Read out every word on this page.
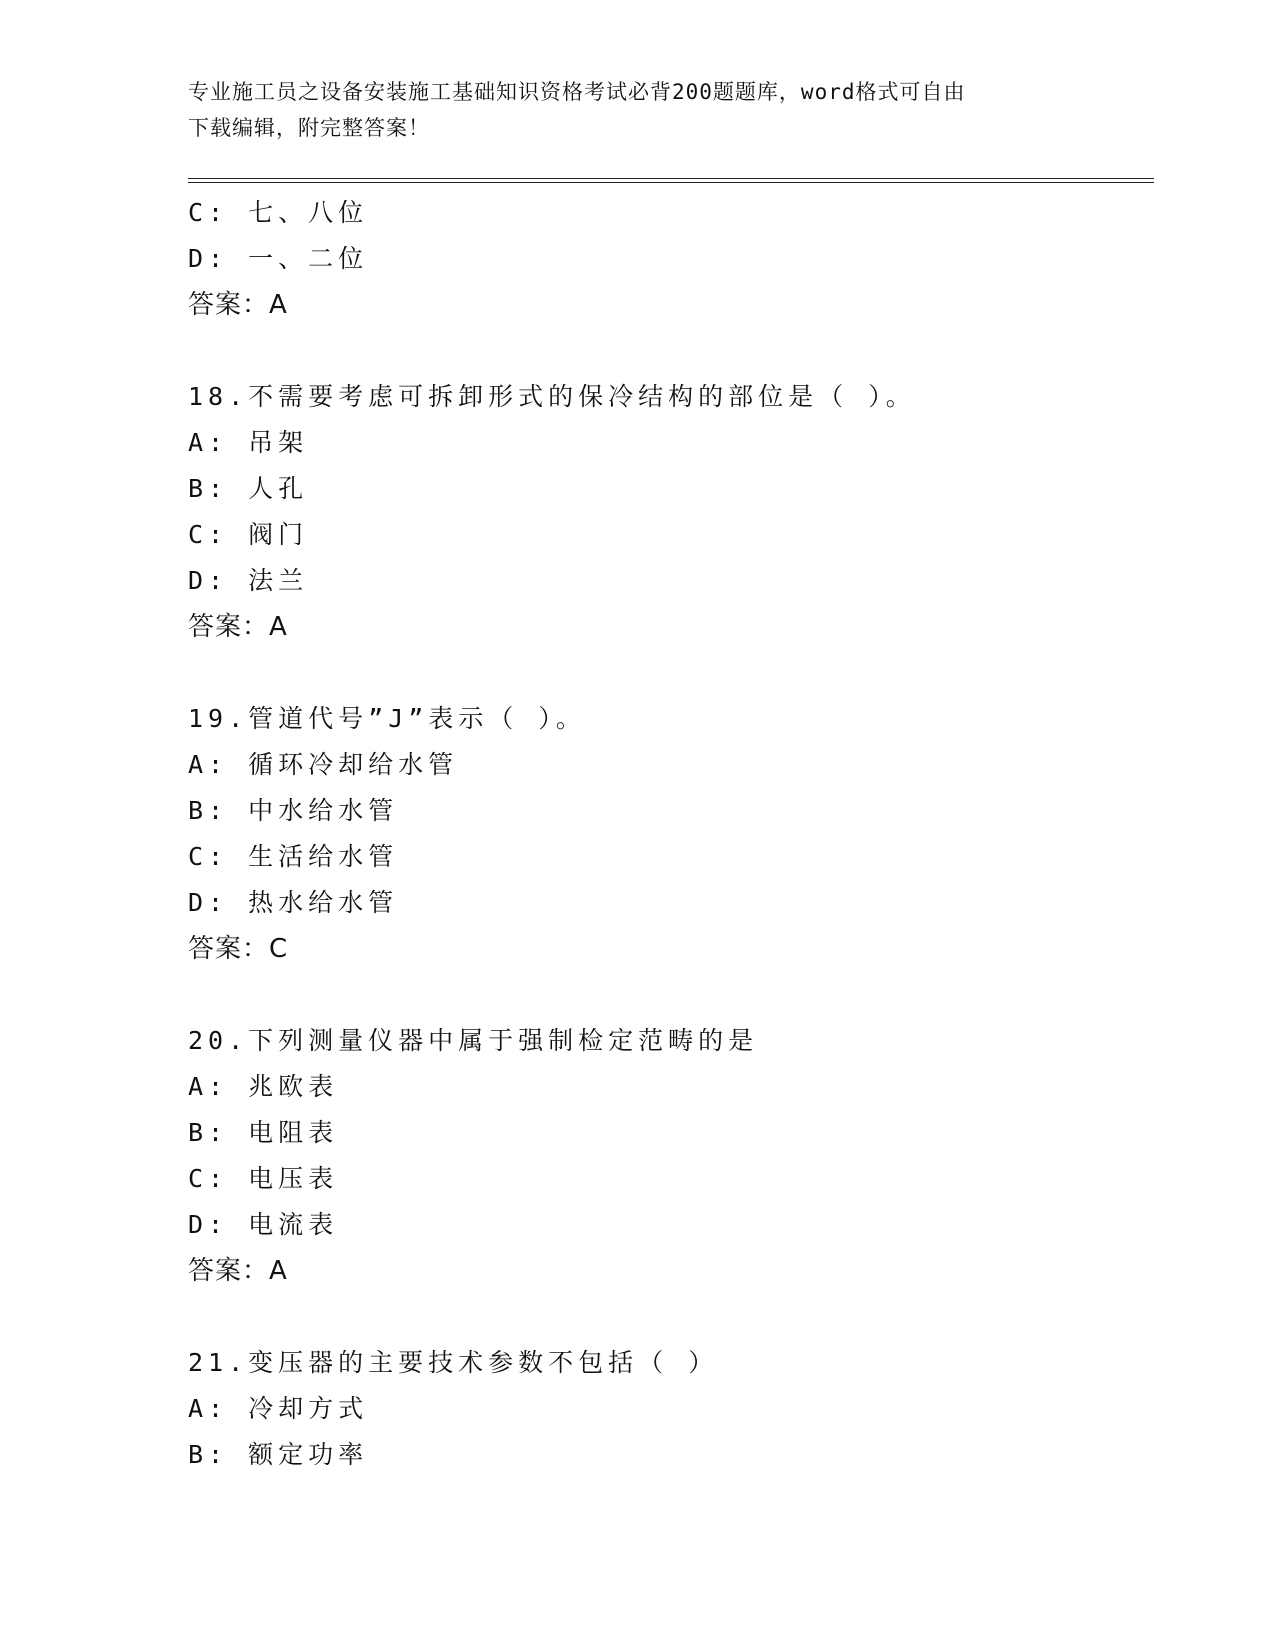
专业施工员之设备安装施工基础知识资格考试必背200题题库，word格式可自由
下载编辑，附完整答案！
C: 七、八位
D: 一、二位
答案：A
18.不需要考虑可拆卸形式的保冷结构的部位是（ ）。
A: 吊架
B: 人孔
C: 阀门
D: 法兰
答案：A
19.管道代号”J”表示（ ）。
A: 循环冷却给水管
B: 中水给水管
C: 生活给水管
D: 热水给水管
答案：C
20.下列测量仪器中属于强制检定范畴的是
A: 兆欧表
B: 电阻表
C: 电压表
D: 电流表
答案：A
21.变压器的主要技术参数不包括（ ）
A: 冷却方式
B: 额定功率
